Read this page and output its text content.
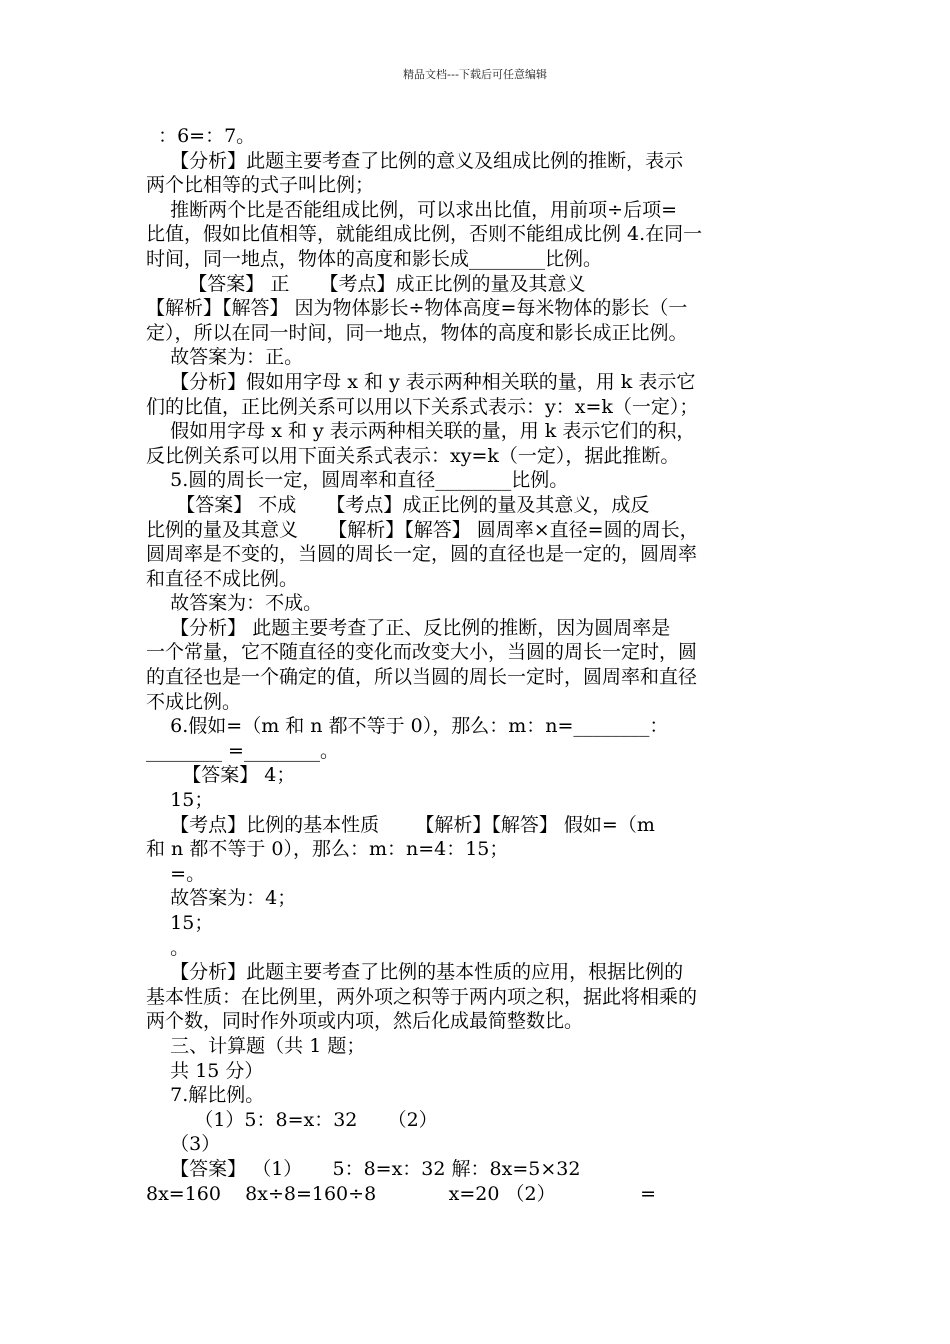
精品文档---下载后可任意编辑
：6=：7。
【分析】此题主要考查了比例的意义及组成比例的推断，表示
两个比相等的式子叫比例；
推断两个比是否能组成比例，可以求出比值，用前项÷后项=
比值，假如比值相等，就能组成比例，否则不能组成比例 4.在同一
时间，同一地点，物体的高度和影长成________比例。
【答案】 正     【考点】成正比例的量及其意义
【解析】【解答】 因为物体影长÷物体高度=每米物体的影长（一
定），所以在同一时间，同一地点，物体的高度和影长成正比例。
故答案为：正。
【分析】假如用字母 x 和 y 表示两种相关联的量，用 k 表示它
们的比值，正比例关系可以用以下关系式表示：y：x=k（一定）；
假如用字母 x 和 y 表示两种相关联的量，用 k 表示它们的积，
反比例关系可以用下面关系式表示：xy=k（一定），据此推断。
5.圆的周长一定，圆周率和直径________比例。
【答案】 不成     【考点】成正比例的量及其意义，成反
比例的量及其意义     【解析】【解答】 圆周率×直径=圆的周长，
圆周率是不变的，当圆的周长一定，圆的直径也是一定的，圆周率
和直径不成比例。
故答案为：不成。
【分析】 此题主要考查了正、反比例的推断，因为圆周率是
一个常量，它不随直径的变化而改变大小，当圆的周长一定时，圆
的直径也是一个确定的值，所以当圆的周长一定时，圆周率和直径
不成比例。
6.假如=（m 和 n 都不等于 0），那么：m：n=________：
________ =________。
【答案】 4；
15；
【考点】比例的基本性质      【解析】【解答】 假如=（m
和 n 都不等于 0），那么：m：n=4：15；
=。
故答案为：4；
15；
。
【分析】此题主要考查了比例的基本性质的应用，根据比例的
基本性质：在比例里，两外项之积等于两内项之积，据此将相乘的
两个数，同时作外项或内项，然后化成最简整数比。
三、计算题（共 1 题；
共 15 分）
7.解比例。
（1）5：8=x：32     （2）
（3）
【答案】 （1）     5：8=x：32 解：8x=5×32
8x=160    8x÷8=160÷8            x=20 （2）              =
